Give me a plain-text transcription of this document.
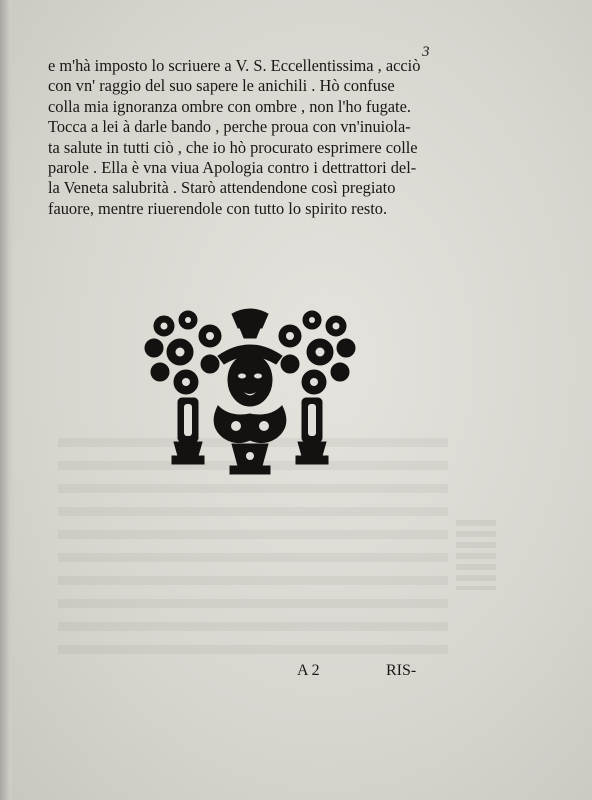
3

e m'hà imposto lo scriuere a V. S. Eccellentissima , acciò
con vn' raggio del suo sapere le anichili . Hò confuse
colla mia ignoranza ombre con ombre , non l'ho fugate.
Tocca a lei à darle bando , perche proua con vn'inuiola-
ta salute in tutti ciò , che io hò procurato esprimere colle
parole . Ella è vna viua Apologia contro i dettrattori del-
la Veneta salubrità . Starò attendendone così pregiato
fauore, mentre riuerendole con tutto lo spirito resto.

A 2	RIS-
